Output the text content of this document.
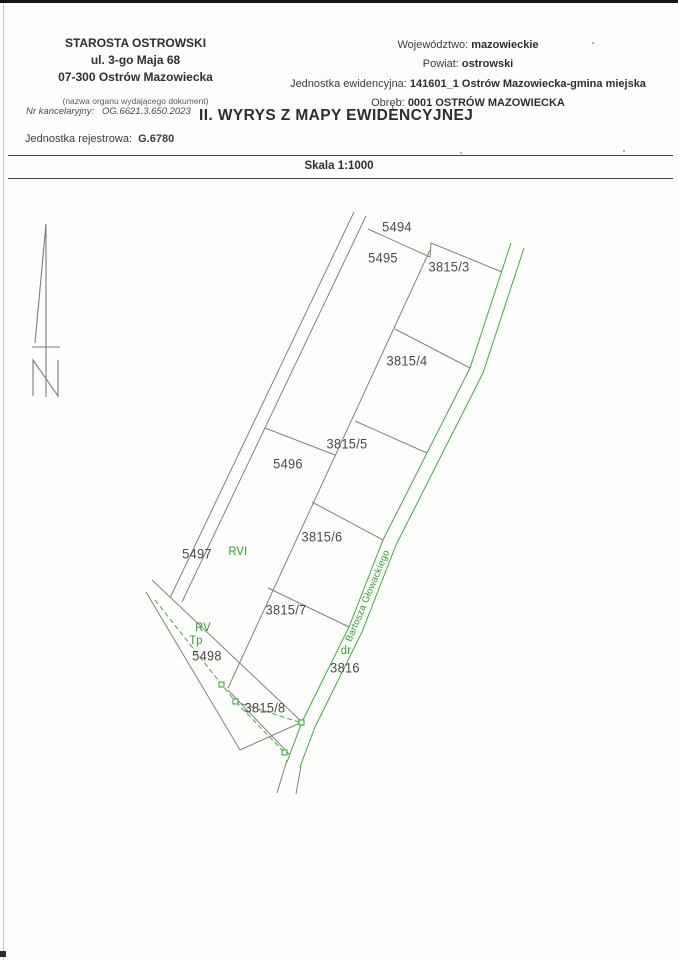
STAROSTA OSTROWSKI
ul. 3-go Maja 68
07-300 Ostrów Mazowiecka
(nazwa organu wydającego dokument)
Nr kancelaryjny: OG.6621.3.650.2023
Województwo: mazowieckie
Powiat: ostrowski
Jednostka ewidencyjna: 141601_1 Ostrów Mazowiecka-gmina miejska
Obręb: 0001 OSTRÓW MAZOWIECKA
II. WYRYS Z MAPY EWIDENCYJNEJ
Jednostka rejestrowa: G.6780
Skala 1:1000
5494
5495
3815/3
3815/4
3815/5
5496
3815/6
5497
3815/7
5498
3816
3815/8
RVI
RV
Tp
dr
Bartosza Głowackiego
